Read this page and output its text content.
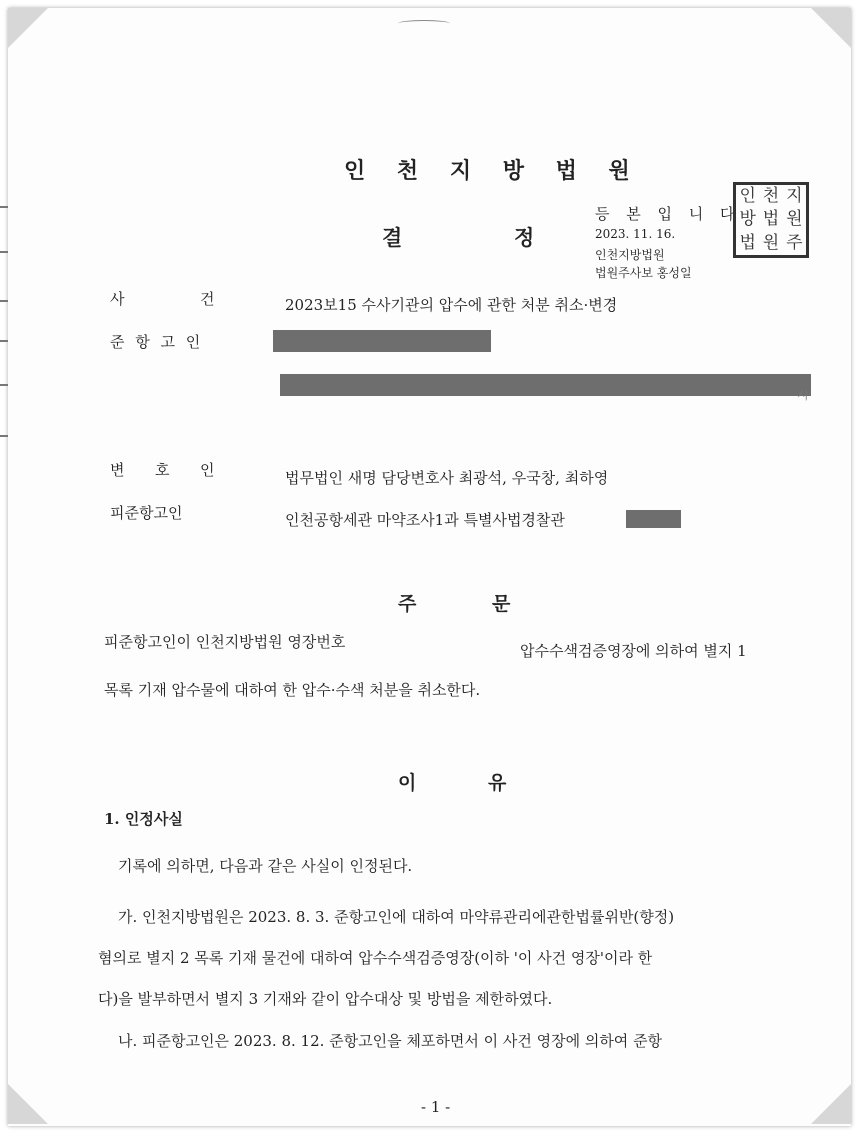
인 천 지 방 법 원
결	정
등 본 입 니 다
2023. 11. 16.
인천지방법원
법원주사보 홍성일
인 천 지
방 법 원
법 원 주
사	건	2023보15 수사기관의 압수에 관한 처분 취소·변경
준 항 고 인
시
변 호 인	법무법인 새명 담당변호사 최광석, 우국창, 최하영
피준항고인	인천공항세관 마약조사1과 특별사법경찰관
주	문
피준항고인이 인천지방법원 영장번호	압수수색검증영장에 의하여 별지 1
목록 기재 압수물에 대하여 한 압수·수색 처분을 취소한다.
이	유
1. 인정사실
기록에 의하면, 다음과 같은 사실이 인정된다.
가. 인천지방법원은 2023. 8. 3. 준항고인에 대하여 마약류관리에관한법률위반(향정)
혐의로 별지 2 목록 기재 물건에 대하여 압수수색검증영장(이하 '이 사건 영장'이라 한
다)을 발부하면서 별지 3 기재와 같이 압수대상 및 방법을 제한하였다.
나. 피준항고인은 2023. 8. 12. 준항고인을 체포하면서 이 사건 영장에 의하여 준항
- 1 -
